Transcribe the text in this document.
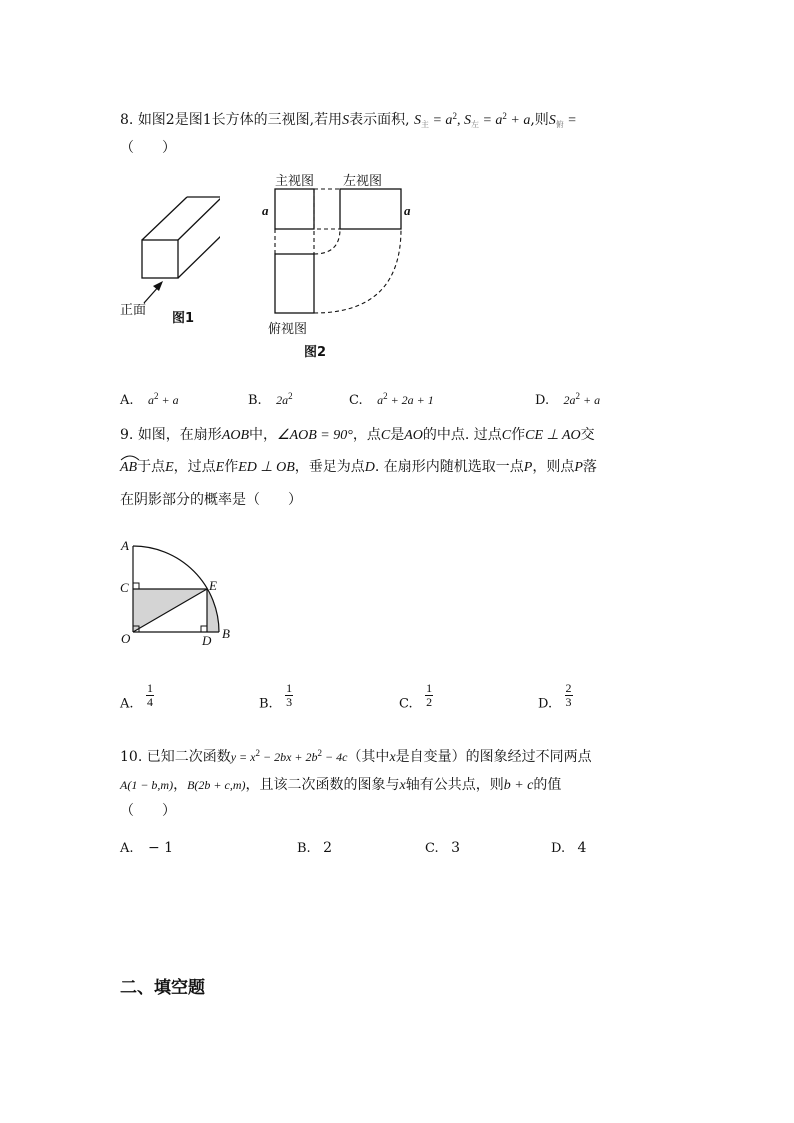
8. 如图2是图1长方体的三视图,若用S表示面积, $S_主 = a^2$, $S_左 = a^2 + a$,则$S_俯$ =
（　　）
正面
图1
主视图 左视图
a	a
俯视图
图2
A. $a^2 + a$	B. $2a^2$	C. $a^2 + 2a + 1$	D. $2a^2 + a$
9. 如图，在扇形AOB中，∠AOB = 90°，点C是AO的中点. 过点C作CE ⊥ AO交
AB于点E，过点E作ED ⊥ OB，垂足为点D. 在扇形内随机选取一点P，则点P落
在阴影部分的概率是（　　）
A
C
O
E
D B
A. $\frac{1}{4}$	B. $\frac{1}{3}$	C. $\frac{1}{2}$	D. $\frac{2}{3}$
10. 已知二次函数$y = x^2 - 2bx + 2b^2 - 4c$（其中x是自变量）的图象经过不同两点
A(1 − b,m)，B(2b + c,m)，且该二次函数的图象与x轴有公共点，则b + c的值
（　　）
A. − 1	B. 2	C. 3	D. 4
二、填空题
